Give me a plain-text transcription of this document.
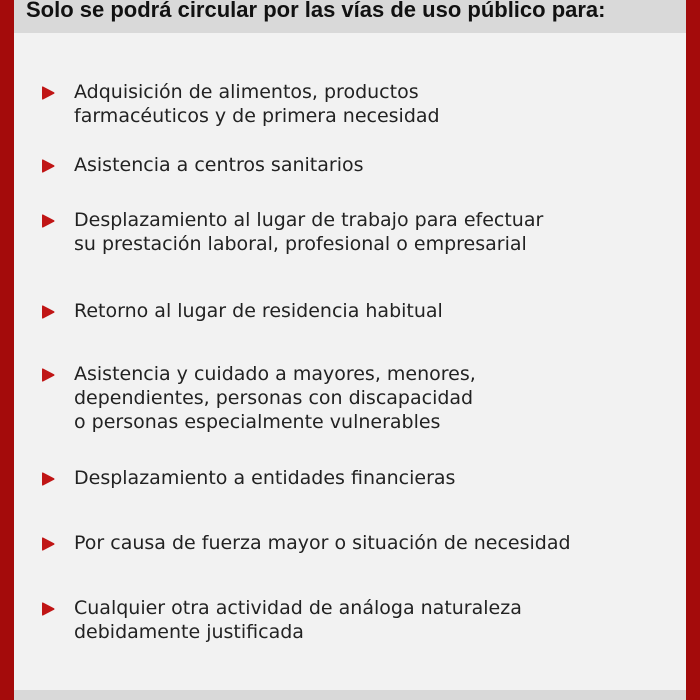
Solo se podrá circular por las vías de uso público para:
Adquisición de alimentos, productos
farmacéuticos y de primera necesidad
Asistencia a centros sanitarios
Desplazamiento al lugar de trabajo para efectuar
su prestación laboral, profesional o empresarial
Retorno al lugar de residencia habitual
Asistencia y cuidado a mayores, menores,
dependientes, personas con discapacidad
o personas especialmente vulnerables
Desplazamiento a entidades financieras
Por causa de fuerza mayor o situación de necesidad
Cualquier otra actividad de análoga naturaleza
debidamente justificada
